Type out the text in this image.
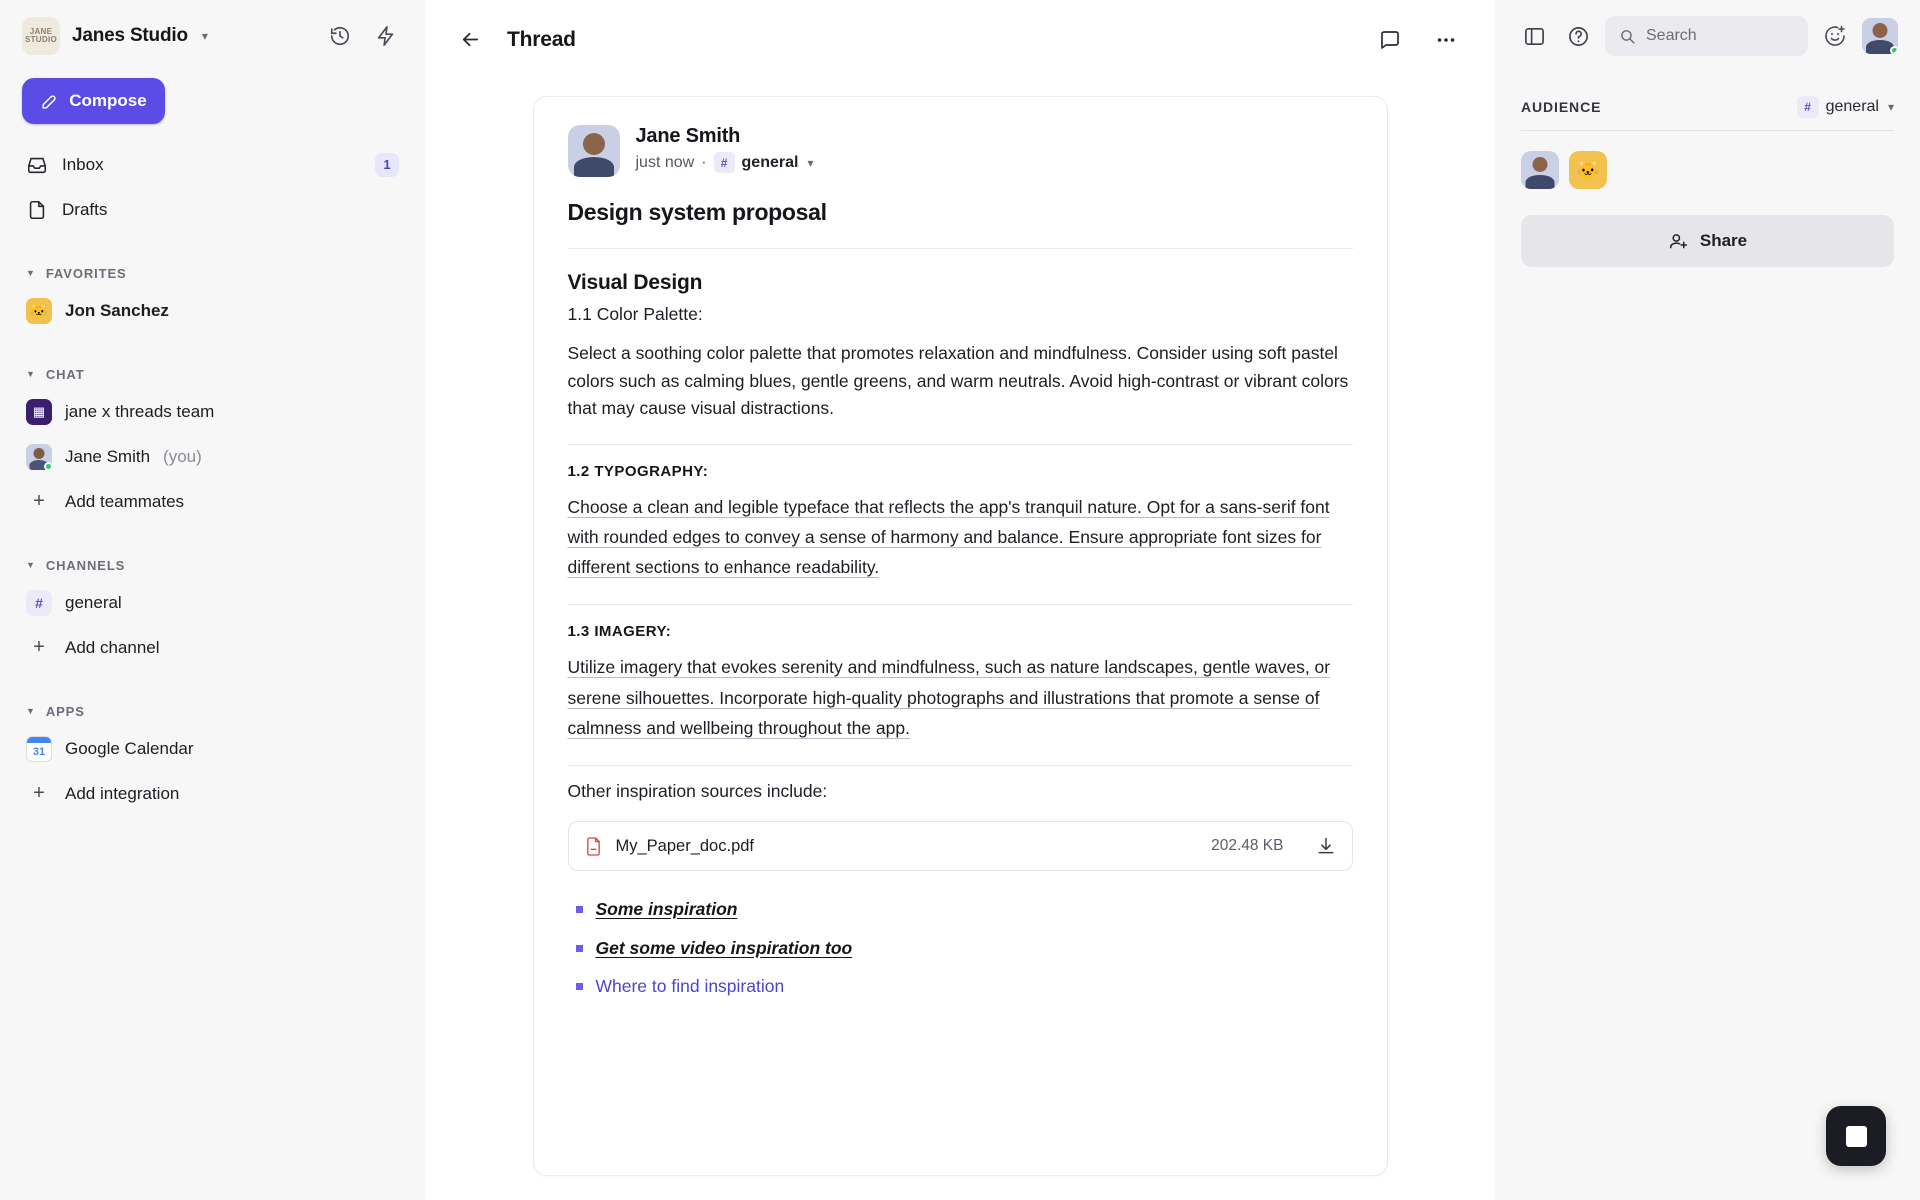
JANE STUDIO Janes Studio ▾
Compose
Inbox	1
Drafts
▼ FAVORITES
🐱 Jon Sanchez
▼ CHAT
▦	jane x threads team
Jane Smith (you)
+	Add teammates
▼ CHANNELS
#	general
+	Add channel
▼ APPS
31 Google Calendar
+	Add integration
Thread
Jane Smith
just now ·	# general ▾
Design system proposal
Visual Design

1.1 Color Palette:

Select a soothing color palette that promotes relaxation and mindfulness. Consider using soft pastel colors such as calming blues, gentle greens, and warm neutrals. Avoid high-contrast or vibrant colors that may cause visual distractions.

1.2 TYPOGRAPHY:

Choose a clean and legible typeface that reflects the app's tranquil nature. Opt for a sans-serif font with rounded edges to convey a sense of harmony and balance. Ensure appropriate font sizes for different sections to enhance readability.

1.3 IMAGERY:

Utilize imagery that evokes serenity and mindfulness, such as nature landscapes, gentle waves, or serene silhouettes. Incorporate high-quality photographs and illustrations that promote a sense of calmness and wellbeing throughout the app.

Other inspiration sources include:

My_Paper_doc.pdf	202.48 KB
Some inspiration
Get some video inspiration too
Where to find inspiration
Search
AUDIENCE	# general ▾
🐱
Share
